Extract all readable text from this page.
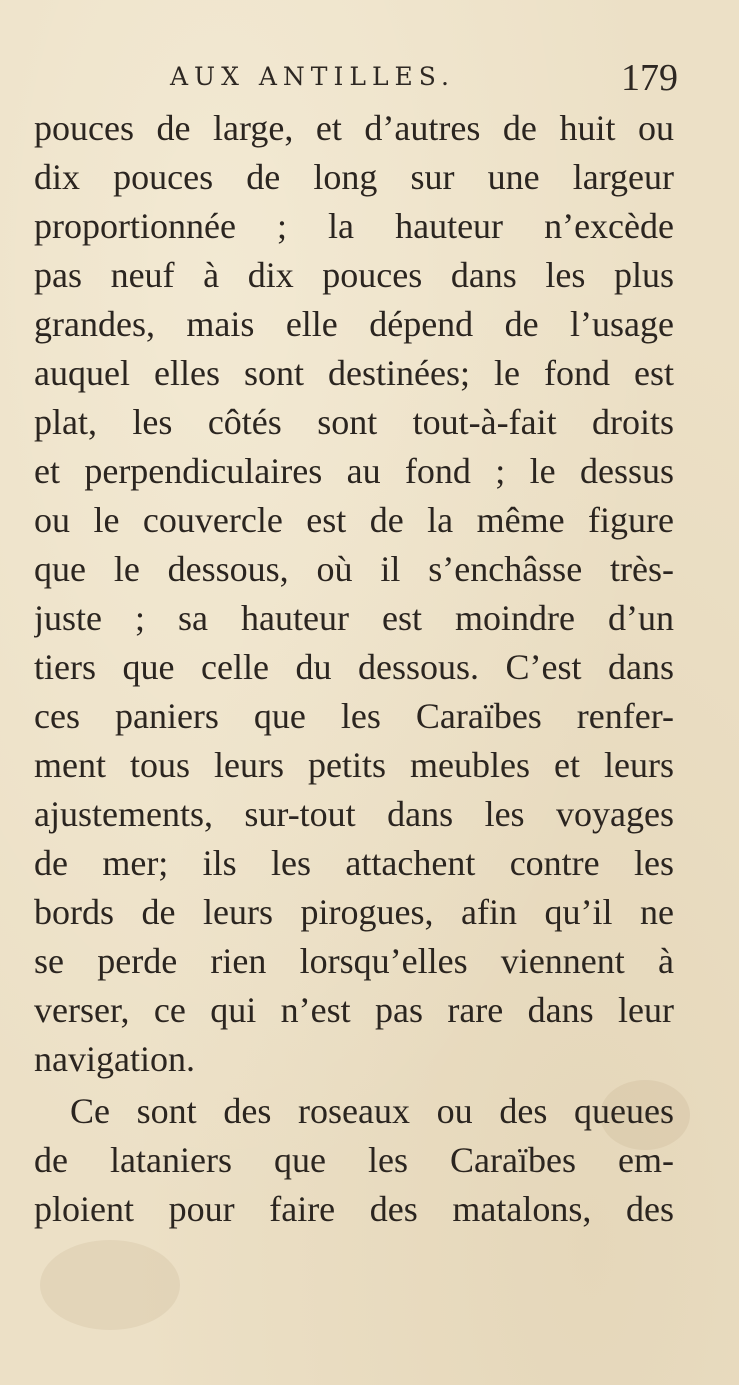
AUX ANTILLES.	179
pouces de large, et d’autres de huit ou
dix pouces de long sur une largeur
proportionnée ; la hauteur n’excède
pas neuf à dix pouces dans les plus
grandes, mais elle dépend de l’usage
auquel elles sont destinées; le fond est
plat, les côtés sont tout-à-fait droits
et perpendiculaires au fond ; le dessus
ou le couvercle est de la même figure
que le dessous, où il s’enchâsse très-
juste ; sa hauteur est moindre d’un
tiers que celle du dessous. C’est dans
ces paniers que les Caraïbes renfer-
ment tous leurs petits meubles et leurs
ajustements, sur-tout dans les voyages
de mer; ils les attachent contre les
bords de leurs pirogues, afin qu’il ne
se perde rien lorsqu’elles viennent à
verser, ce qui n’est pas rare dans leur
navigation.
Ce sont des roseaux ou des queues
de lataniers que les Caraïbes em-
ploient pour faire des matalons, des
